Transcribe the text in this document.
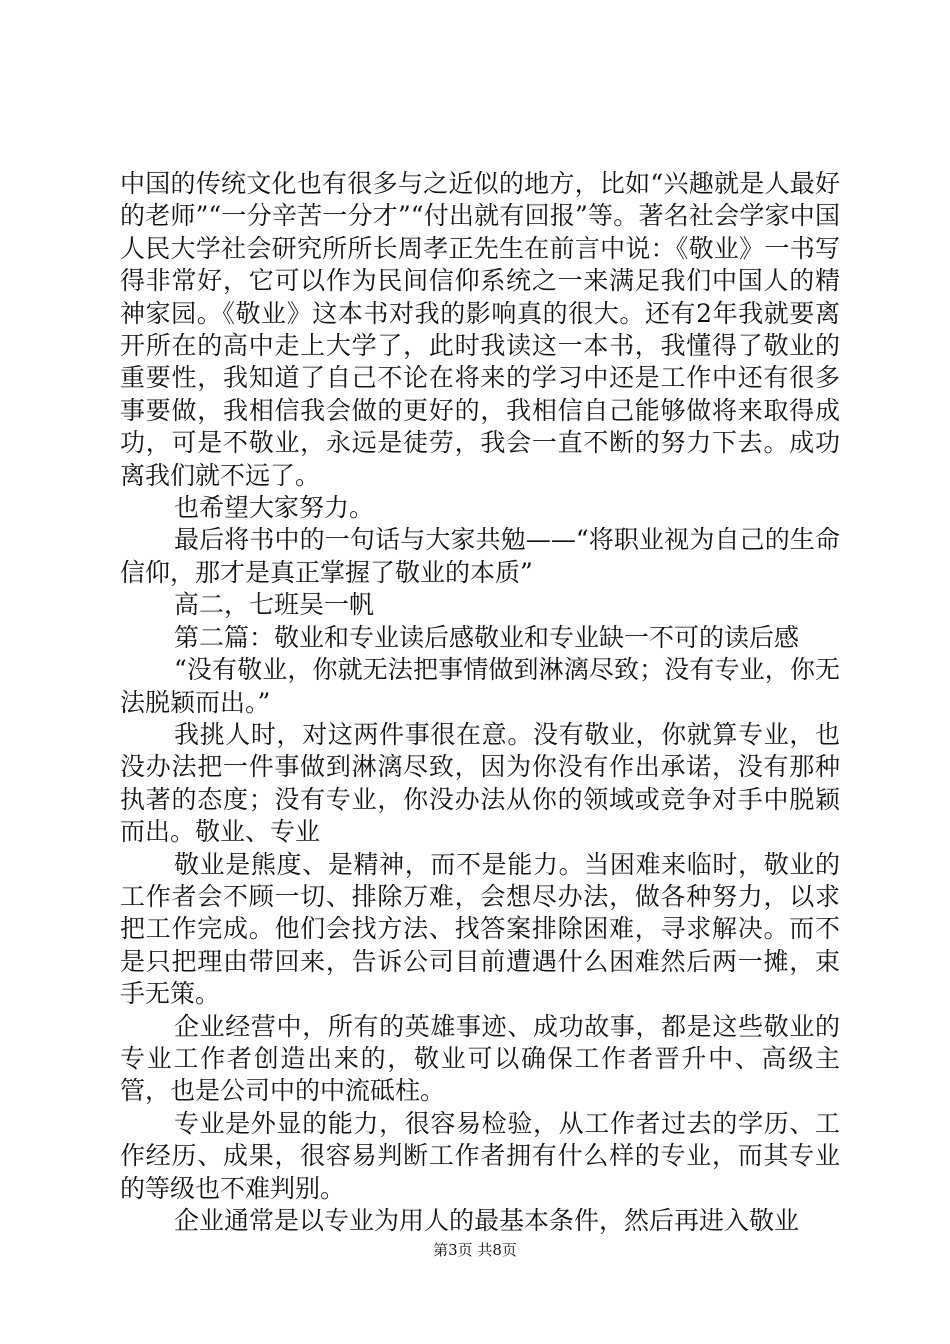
中国的传统文化也有很多与之近似的地方，比如“兴趣就是人最好的老师”“一分辛苦一分才”“付出就有回报”等。著名社会学家中国人民大学社会研究所所长周孝正先生在前言中说：《敬业》一书写得非常好，它可以作为民间信仰系统之一来满足我们中国人的精神家园。《敬业》这本书对我的影响真的很大。还有2年我就要离开所在的高中走上大学了，此时我读这一本书，我懂得了敬业的重要性，我知道了自己不论在将来的学习中还是工作中还有很多事要做，我相信我会做的更好的，我相信自己能够做将来取得成功，可是不敬业，永远是徒劳，我会一直不断的努力下去。成功离我们就不远了。

也希望大家努力。

最后将书中的一句话与大家共勉——“将职业视为自己的生命信仰，那才是真正掌握了敬业的本质”

高二，七班吴一帆

第二篇：敬业和专业读后感敬业和专业缺一不可的读后感

“没有敬业，你就无法把事情做到淋漓尽致；没有专业，你无法脱颖而出。”

我挑人时，对这两件事很在意。没有敬业，你就算专业，也没办法把一件事做到淋漓尽致，因为你没有作出承诺，没有那种执著的态度；没有专业，你没办法从你的领域或竞争对手中脱颖而出。敬业、专业

敬业是熊度、是精神，而不是能力。当困难来临时，敬业的工作者会不顾一切、排除万难，会想尽办法，做各种努力，以求把工作完成。他们会找方法、找答案排除困难，寻求解决。而不是只把理由带回来，告诉公司目前遭遇什么困难然后两一摊，束手无策。

企业经营中，所有的英雄事迹、成功故事，都是这些敬业的专业工作者创造出来的，敬业可以确保工作者晋升中、高级主管，也是公司中的中流砥柱。

专业是外显的能力，很容易检验，从工作者过去的学历、工作经历、成果，很容易判断工作者拥有什么样的专业，而其专业的等级也不难判别。

企业通常是以专业为用人的最基本条件，然后再进入敬业

第3页 共8页
